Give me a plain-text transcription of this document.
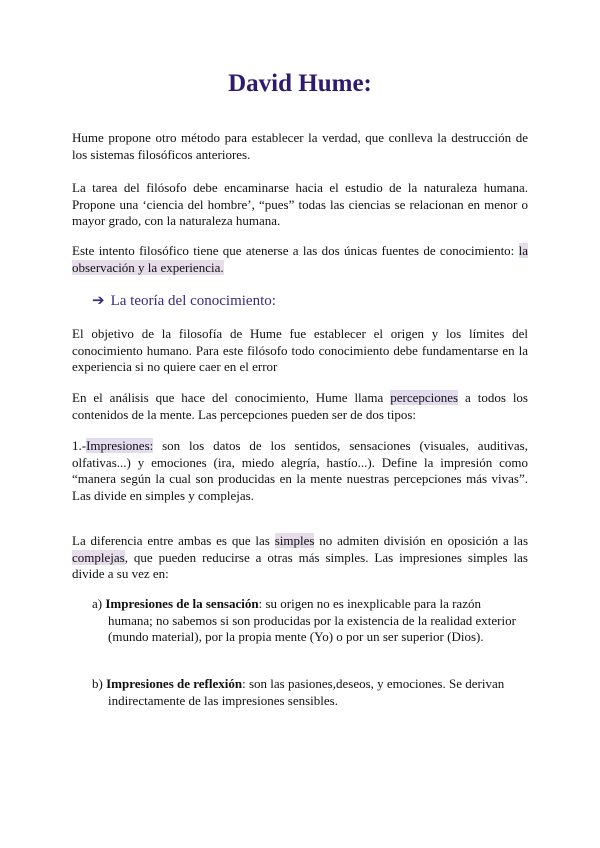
David Hume:
Hume propone otro método para establecer la verdad, que conlleva la destrucción de los sistemas filosóficos anteriores.
La tarea del filósofo debe encaminarse hacia el estudio de la naturaleza humana. Propone una ‘ciencia del hombre’, “pues” todas las ciencias se relacionan en menor o mayor grado, con la naturaleza humana.
Este intento filosófico tiene que atenerse a las dos únicas fuentes de conocimiento: la observación y la experiencia.
➔ La teoría del conocimiento:
El objetivo de la filosofía de Hume fue establecer el origen y los límites del conocimiento humano. Para este filósofo todo conocimiento debe fundamentarse en la experiencia si no quiere caer en el error
En el análisis que hace del conocimiento, Hume llama percepciones a todos los contenidos de la mente. Las percepciones pueden ser de dos tipos:
1.-Impresiones: son los datos de los sentidos, sensaciones (visuales, auditivas, olfativas...) y emociones (ira, miedo alegría, hastío...). Define la impresión como “manera según la cual son producidas en la mente nuestras percepciones más vivas”. Las divide en simples y complejas.
La diferencia entre ambas es que las simples no admiten división en oposición a las complejas, que pueden reducirse a otras más simples. Las impresiones simples las divide a su vez en:
a) Impresiones de la sensación: su origen no es inexplicable para la razón
humana; no sabemos si son producidas por la existencia de la realidad exterior (mundo material), por la propia mente (Yo) o por un ser superior (Dios).
b) Impresiones de reflexión: son las pasiones,deseos, y emociones. Se derivan
indirectamente de las impresiones sensibles.
